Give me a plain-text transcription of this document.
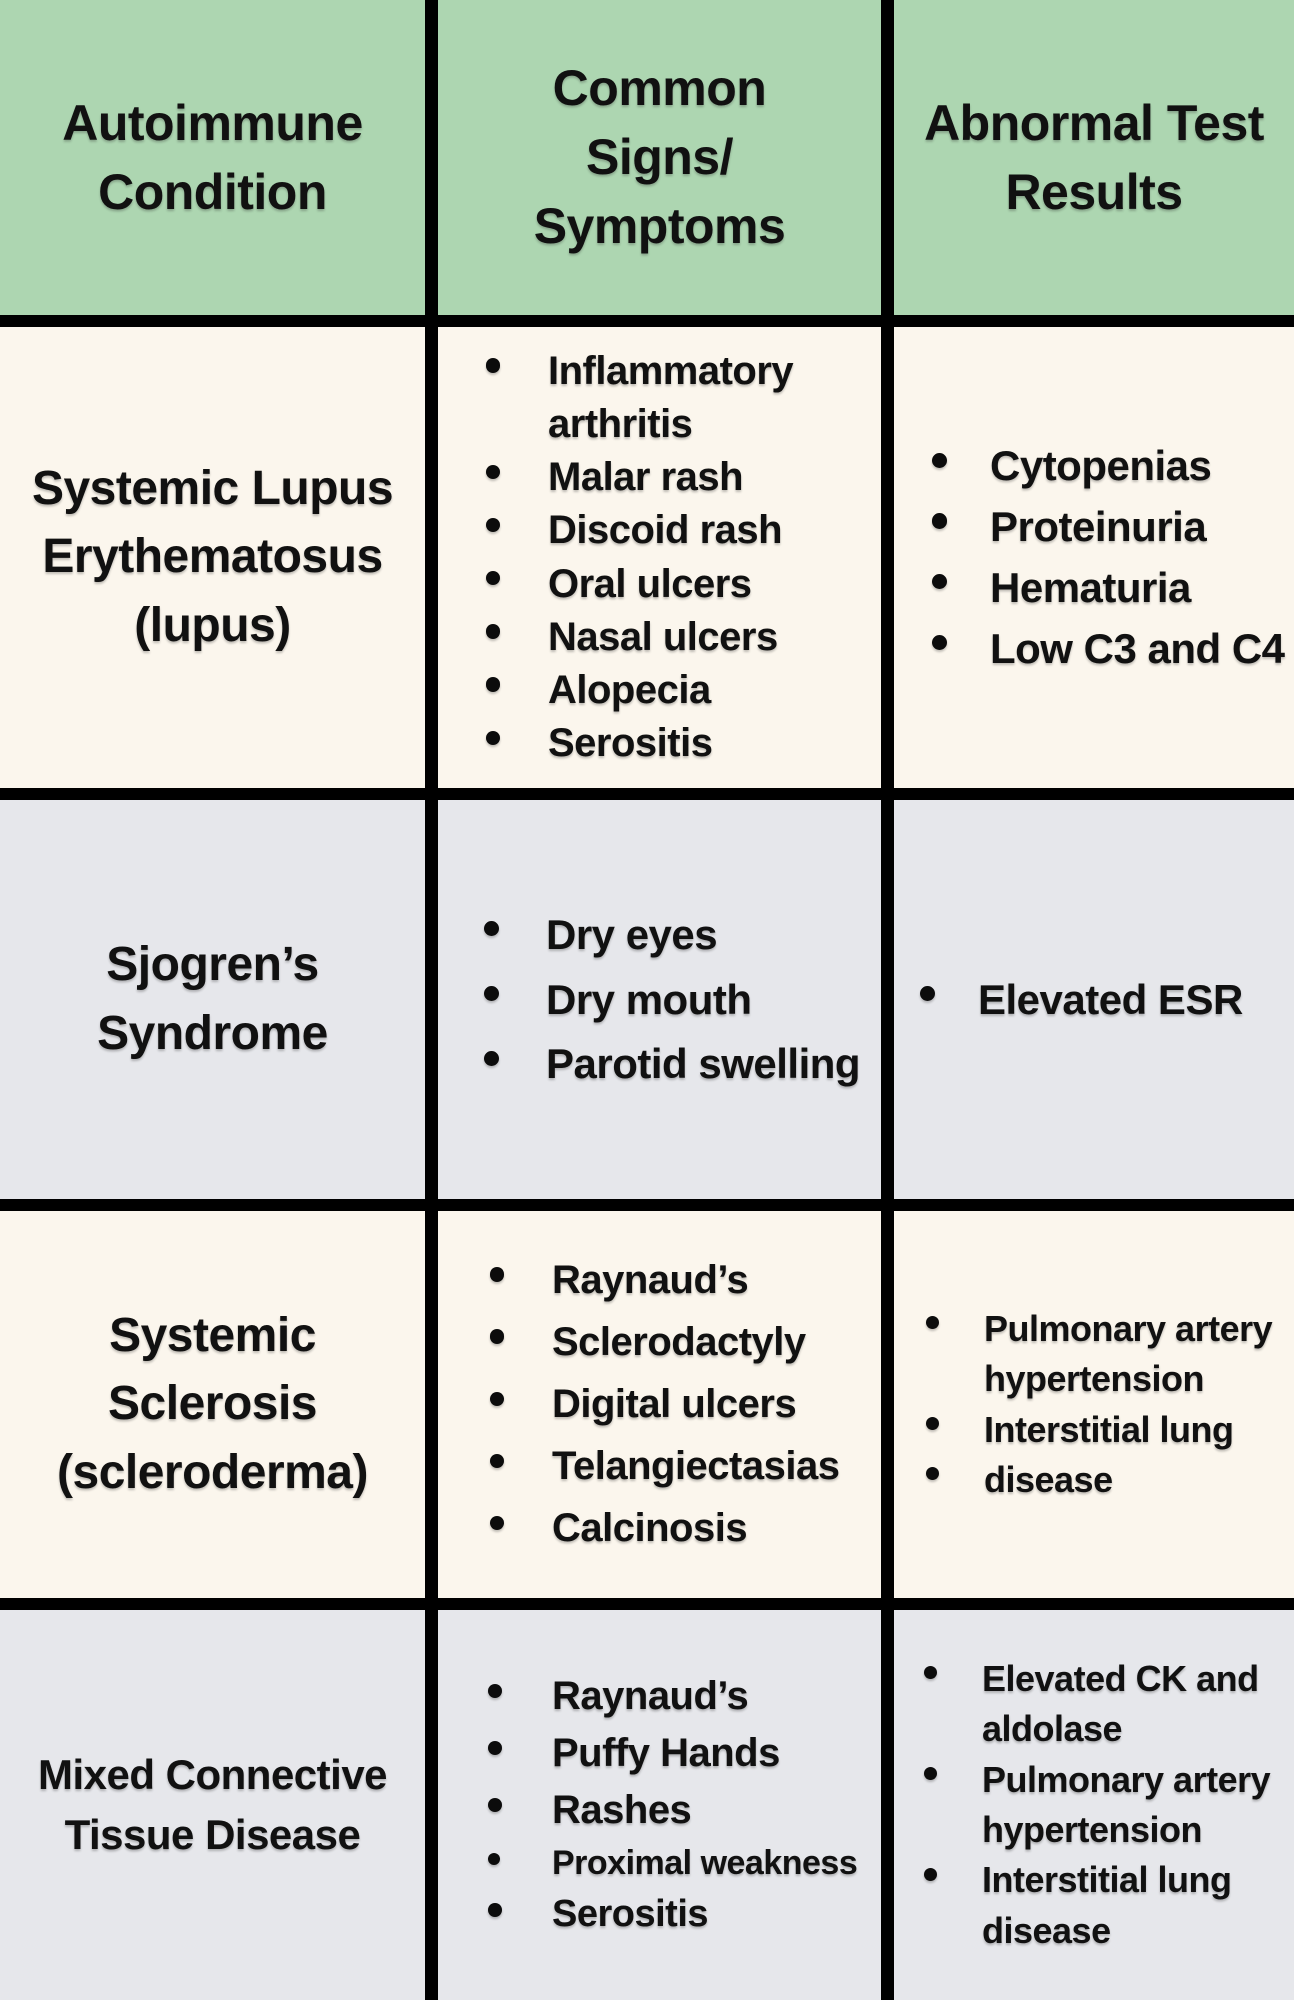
Autoimmune Condition
Common Signs/ Symptoms
Abnormal Test Results
Systemic Lupus Erythematosus (lupus)
Inflammatory arthritis
Malar rash
Discoid rash
Oral ulcers
Nasal ulcers
Alopecia
Serositis
Cytopenias
Proteinuria
Hematuria
Low C3 and C4
Sjogren’s Syndrome
Dry eyes
Dry mouth
Parotid swelling
Elevated ESR
Systemic Sclerosis (scleroderma)
Raynaud’s
Sclerodactyly
Digital ulcers
Telangiectasias
Calcinosis
Pulmonary artery hypertension
Interstitial lung
disease
Mixed Connective Tissue Disease
Raynaud’s
Puffy Hands
Rashes
Proximal weakness
Serositis
Elevated CK and aldolase
Pulmonary artery hypertension
Interstitial lung disease
